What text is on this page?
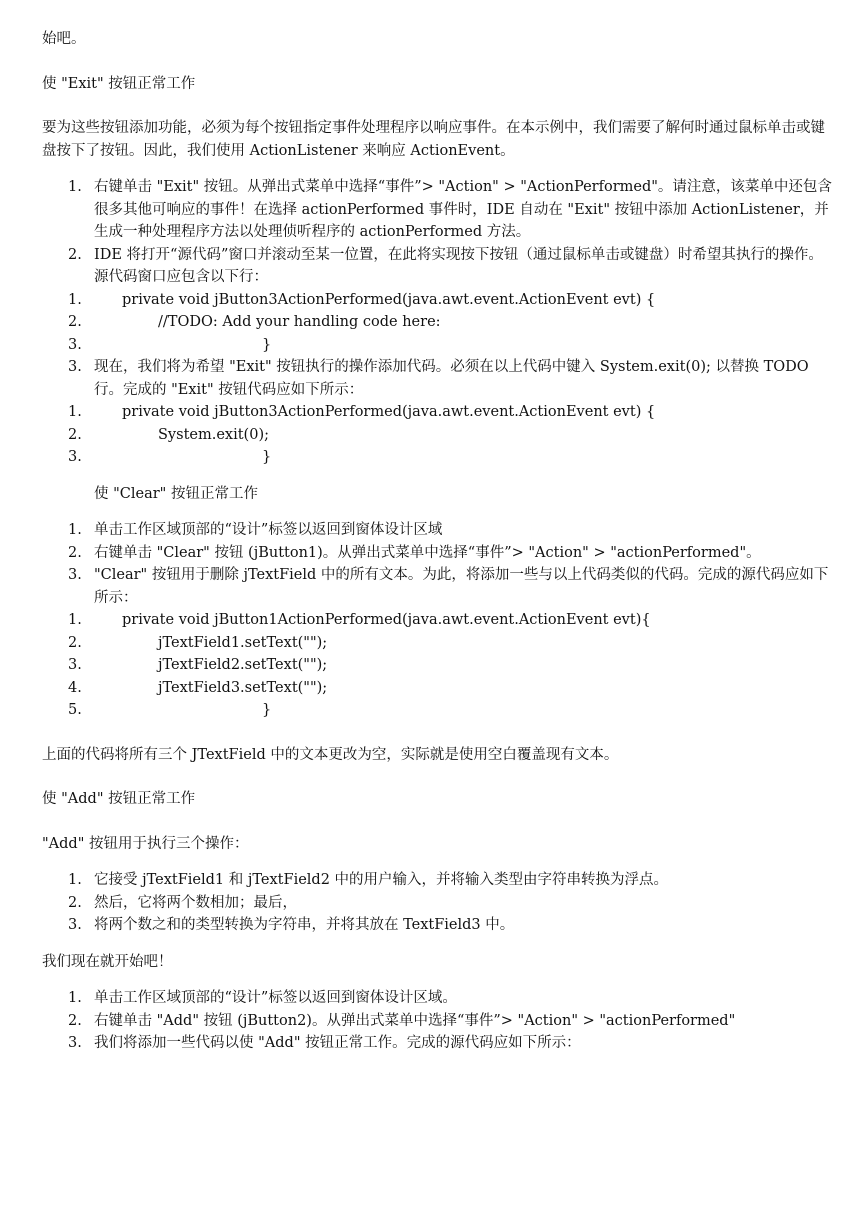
始吧。

使 "Exit" 按钮正常工作

要为这些按钮添加功能，必须为每个按钮指定事件处理程序以响应事件。在本示例中，我们需要了解何时通过鼠标单击或键盘按下了按钮。因此，我们使用 ActionListener 来响应 ActionEvent。

1. 右键单击 "Exit" 按钮。从弹出式菜单中选择“事件”> "Action" > "ActionPerformed"。请注意，该菜单中还包含很多其他可响应的事件！在选择 actionPerformed 事件时，IDE 自动在 "Exit" 按钮中添加 ActionListener，并生成一种处理程序方法以处理侦听程序的 actionPerformed 方法。
2. IDE 将打开“源代码”窗口并滚动至某一位置，在此将实现按下按钮（通过鼠标单击或键盘）时希望其执行的操作。源代码窗口应包含以下行：
1.	private void jButton3ActionPerformed(java.awt.event.ActionEvent evt) {
2.	//TODO: Add your handling code here:
3.	}
3. 现在，我们将为希望 "Exit" 按钮执行的操作添加代码。必须在以上代码中键入 System.exit(0); 以替换 TODO 行。完成的 "Exit" 按钮代码应如下所示：
1.	private void jButton3ActionPerformed(java.awt.event.ActionEvent evt) {
2.	System.exit(0);
3.	}

使 "Clear" 按钮正常工作

1. 单击工作区域顶部的“设计”标签以返回到窗体设计区域
2. 右键单击 "Clear" 按钮 (jButton1)。从弹出式菜单中选择“事件”> "Action" > "actionPerformed"。
3. "Clear" 按钮用于删除 jTextField 中的所有文本。为此，将添加一些与以上代码类似的代码。完成的源代码应如下所示：
1.	private void jButton1ActionPerformed(java.awt.event.ActionEvent evt){
2.	jTextField1.setText("");
3.	jTextField2.setText("");
4.	jTextField3.setText("");
5.	}

上面的代码将所有三个 JTextField 中的文本更改为空，实际就是使用空白覆盖现有文本。

使 "Add" 按钮正常工作

"Add" 按钮用于执行三个操作：

1. 它接受 jTextField1 和 jTextField2 中的用户输入，并将输入类型由字符串转换为浮点。
2. 然后，它将两个数相加；最后，
3. 将两个数之和的类型转换为字符串，并将其放在 TextField3 中。

我们现在就开始吧！

1. 单击工作区域顶部的“设计”标签以返回到窗体设计区域。
2. 右键单击 "Add" 按钮 (jButton2)。从弹出式菜单中选择“事件”> "Action" > "actionPerformed"
3. 我们将添加一些代码以使 "Add" 按钮正常工作。完成的源代码应如下所示：
